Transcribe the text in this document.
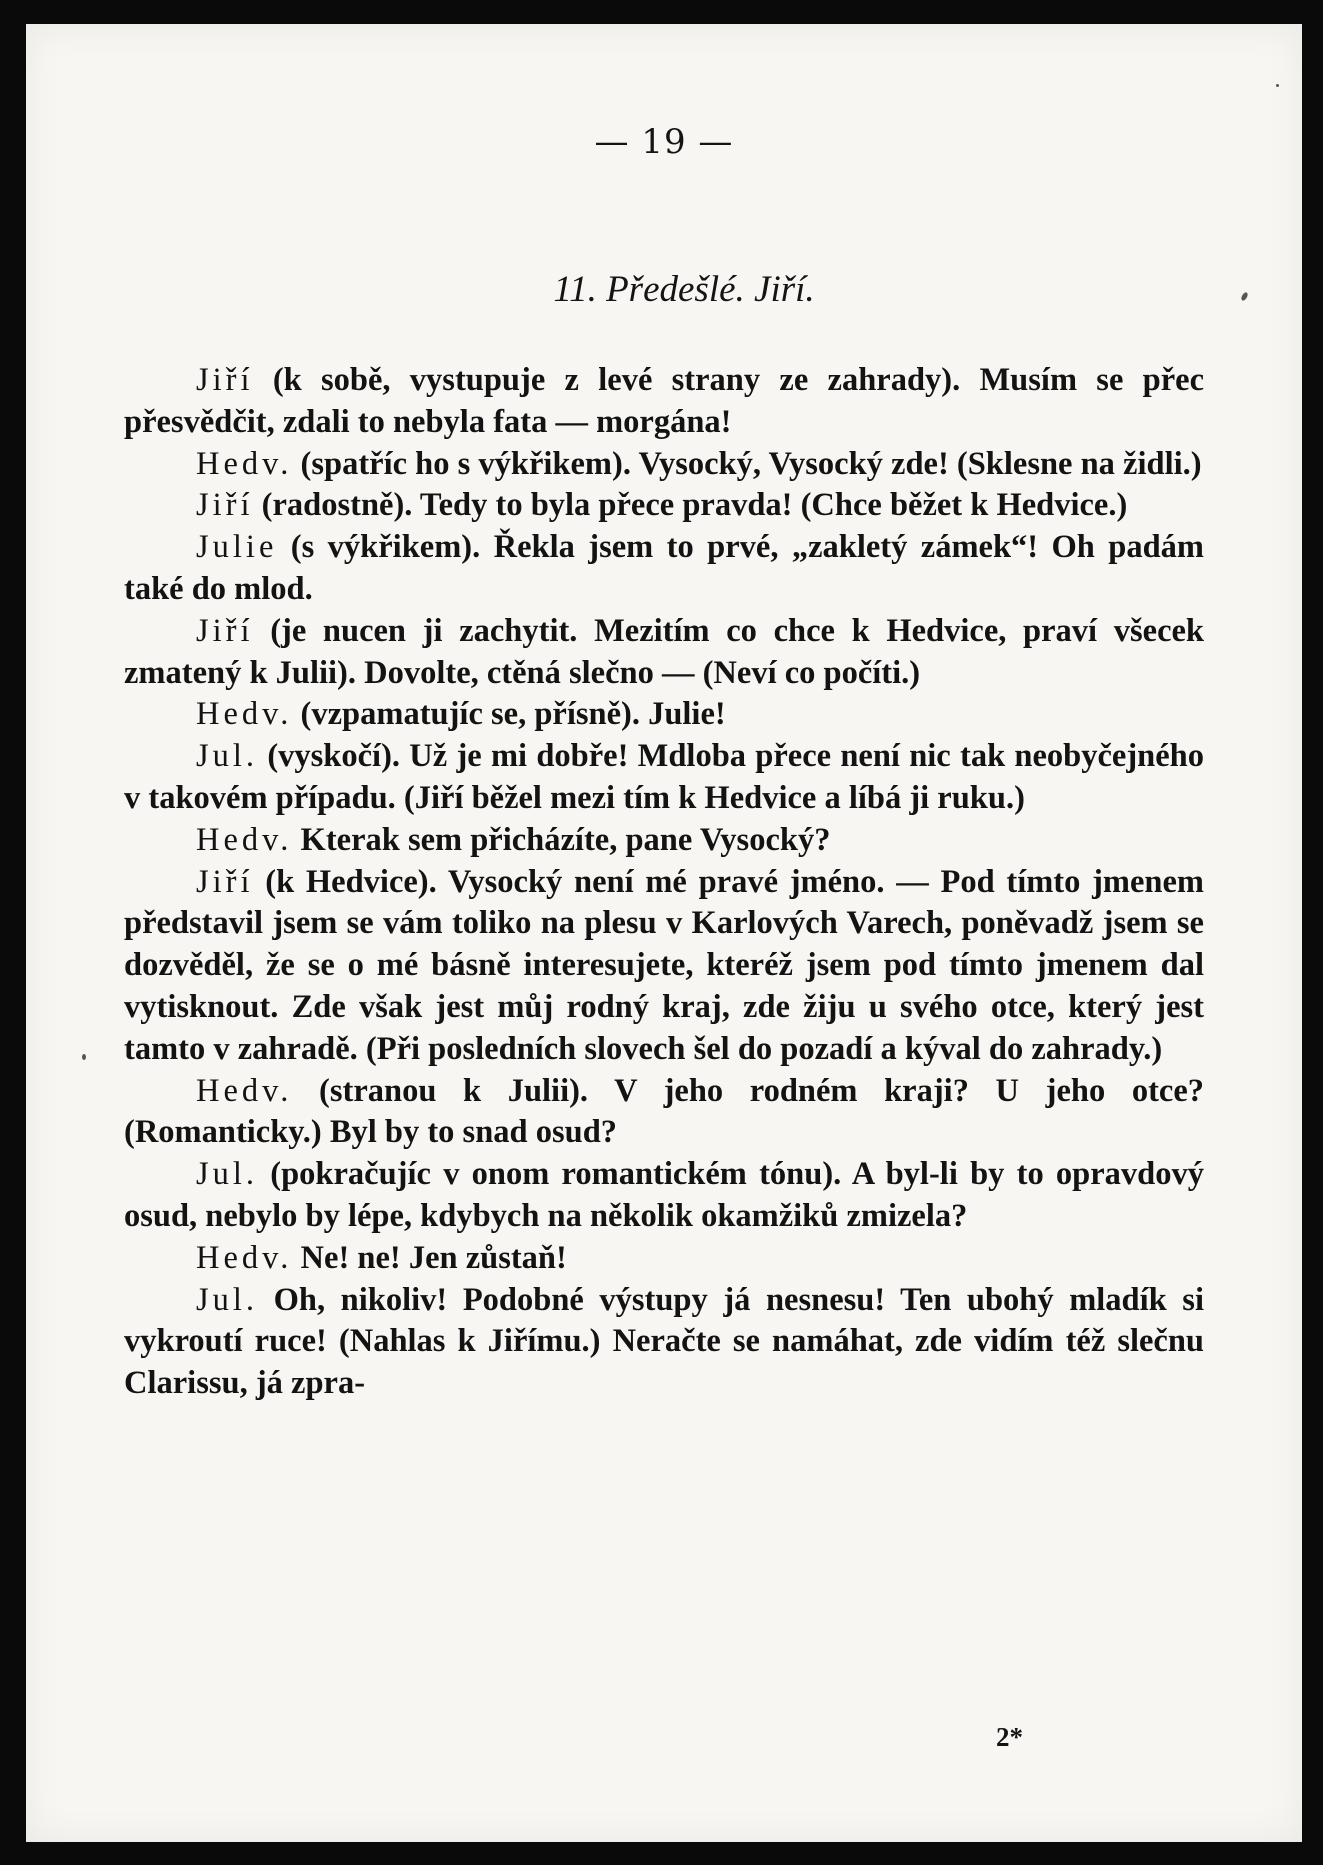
— 19 —
11. Předešlé. Jiří.

Jiří (k sobě, vystupuje z levé strany ze zahrady). Musím se přec přesvědčit, zdali to nebyla fata — morgána!

Hedv. (spatříc ho s výkřikem). Vysocký, Vysocký zde! (Sklesne na židli.)

Jiří (radostně). Tedy to byla přece pravda! (Chce běžet k Hedvice.)

Julie (s výkřikem). Řekla jsem to prvé, „zakletý zámek“! Oh padám také do mlod.

Jiří (je nucen ji zachytit. Mezitím co chce k Hedvice, praví všecek zmatený k Julii). Dovolte, ctěná slečno — (Neví co počíti.)

Hedv. (vzpamatujíc se, přísně). Julie!

Jul. (vyskočí). Už je mi dobře! Mdloba přece není nic tak neobyčejného v takovém případu. (Jiří běžel mezi tím k Hedvice a líbá ji ruku.)

Hedv. Kterak sem přicházíte, pane Vysocký?

Jiří (k Hedvice). Vysocký není mé pravé jméno. — Pod tímto jmenem představil jsem se vám toliko na plesu v Karlových Varech, poněvadž jsem se dozvěděl, že se o mé básně interesujete, kteréž jsem pod tímto jmenem dal vytisknout. Zde však jest můj rodný kraj, zde žiju u svého otce, který jest tamto v zahradě. (Při posledních slovech šel do pozadí a kýval do zahrady.)

Hedv. (stranou k Julii). V jeho rodném kraji? U jeho otce? (Romanticky.) Byl by to snad osud?

Jul. (pokračujíc v onom romantickém tónu). A byl-li by to opravdový osud, nebylo by lépe, kdybych na několik okamžiků zmizela?

Hedv. Ne! ne! Jen zůstaň!

Jul. Oh, nikoliv! Podobné výstupy já nesnesu! Ten ubohý mladík si vykroutí ruce! (Nahlas k Jiřímu.) Neračte se namáhat, zde vidím též slečnu Clarissu, já zpra-

2*
